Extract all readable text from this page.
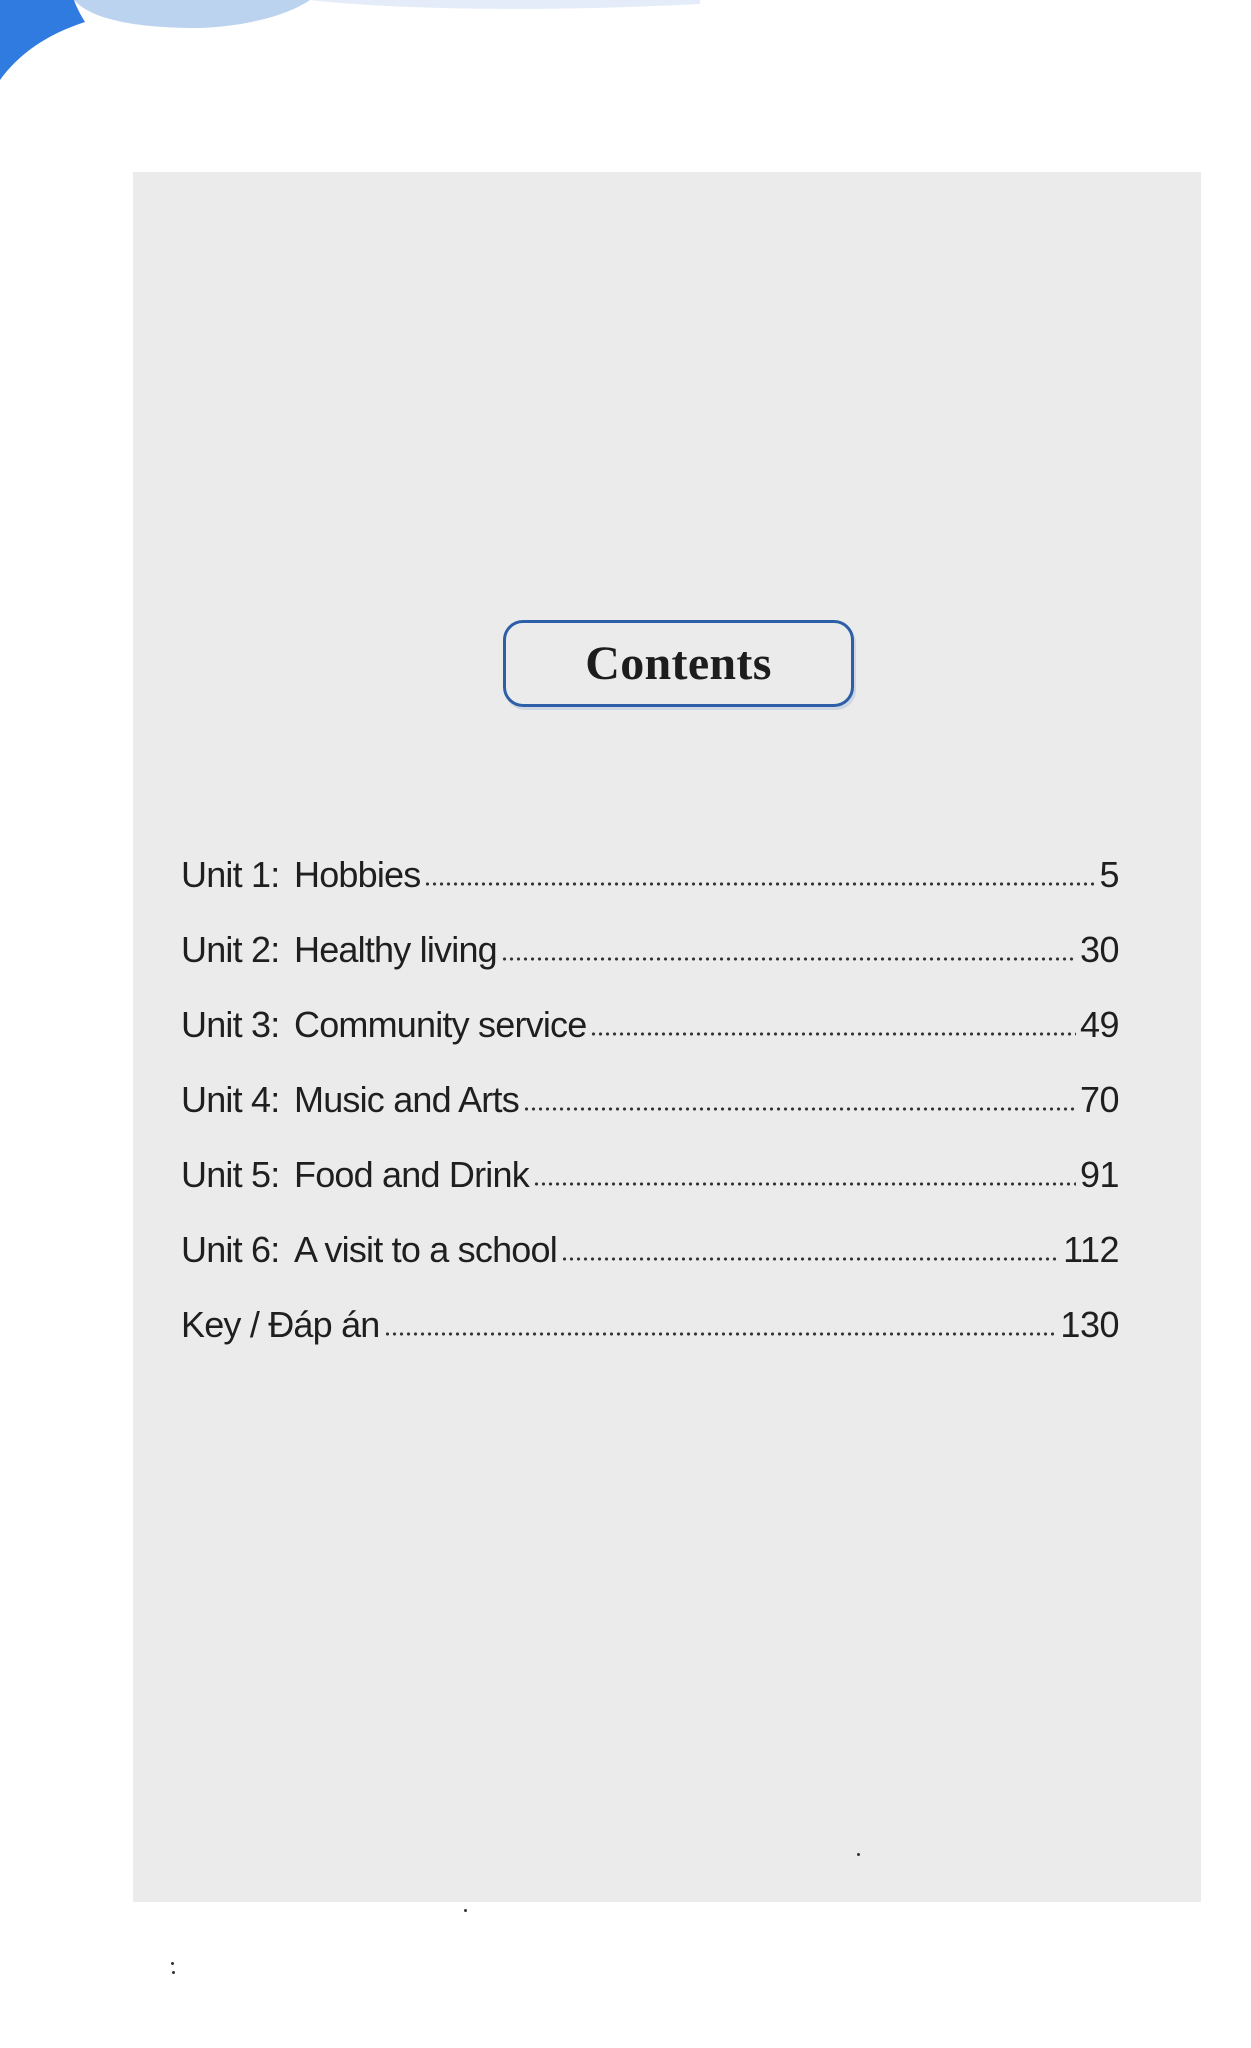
Contents
Unit 1: Hobbies	5
Unit 2: Healthy living	30
Unit 3: Community service	49
Unit 4: Music and Arts	70
Unit 5: Food and Drink	91
Unit 6: A visit to a school	112
Key / Đáp án	130
